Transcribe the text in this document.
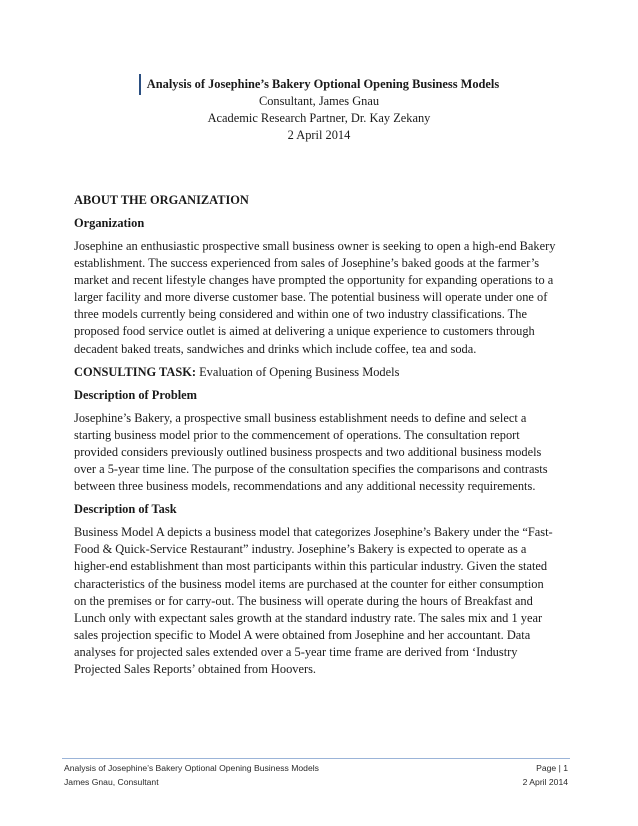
Analysis of Josephine’s Bakery Optional Opening Business Models
Consultant, James Gnau
Academic Research Partner, Dr. Kay Zekany
2 April 2014
ABOUT THE ORGANIZATION
Organization
Josephine an enthusiastic prospective small business owner is seeking to open a high-end Bakery
establishment. The success experienced from sales of Josephine’s baked goods at the farmer’s
market and recent lifestyle changes have prompted the opportunity for expanding operations to a
larger facility and more diverse customer base. The potential business will operate under one of
three models currently being considered and within one of two industry classifications. The
proposed food service outlet is aimed at delivering a unique experience to customers through
decadent baked treats, sandwiches and drinks which include coffee, tea and soda.
CONSULTING TASK: Evaluation of Opening Business Models
Description of Problem
Josephine’s Bakery, a prospective small business establishment needs to define and select a
starting business model prior to the commencement of operations. The consultation report
provided considers previously outlined business prospects and two additional business models
over a 5-year time line. The purpose of the consultation specifies the comparisons and contrasts
between three business models, recommendations and any additional necessity requirements.
Description of Task
Business Model A depicts a business model that categorizes Josephine’s Bakery under the “Fast-
Food & Quick-Service Restaurant” industry. Josephine’s Bakery is expected to operate as a
higher-end establishment than most participants within this particular industry. Given the stated
characteristics of the business model items are purchased at the counter for either consumption
on the premises or for carry-out. The business will operate during the hours of Breakfast and
Lunch only with expectant sales growth at the standard industry rate. The sales mix and 1 year
sales projection specific to Model A were obtained from Josephine and her accountant. Data
analyses for projected sales extended over a 5-year time frame are derived from ‘Industry
Projected Sales Reports’ obtained from Hoovers.
Analysis of Josephine’s Bakery Optional Opening Business Models	Page | 1
James Gnau, Consultant	2 April 2014
